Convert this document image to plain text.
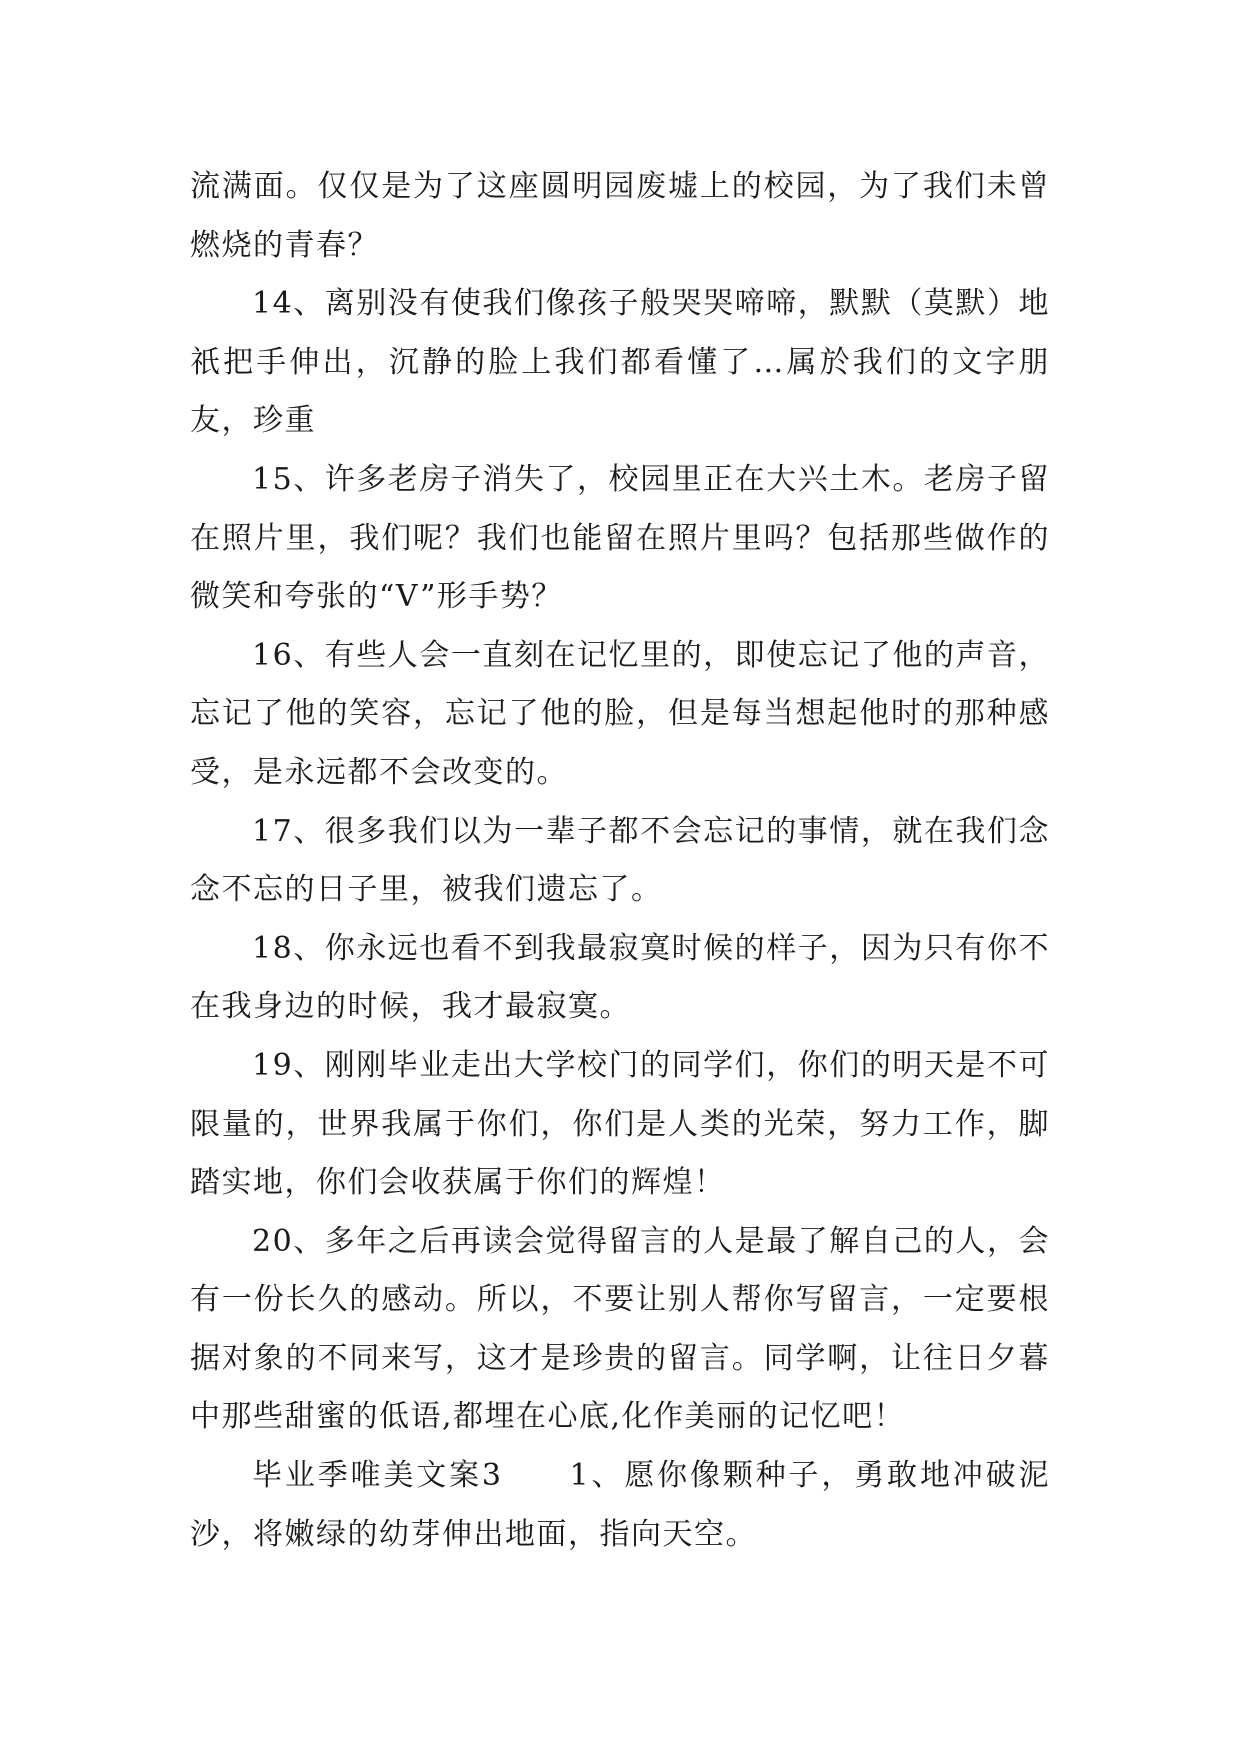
流满面。仅仅是为了这座圆明园废墟上的校园，为了我们未曾燃烧的青春？

14、离别没有使我们像孩子般哭哭啼啼，默默（莫默）地祇把手伸出，沉静的脸上我们都看懂了…属於我们的文字朋友，珍重

15、许多老房子消失了，校园里正在大兴土木。老房子留在照片里，我们呢？我们也能留在照片里吗？包括那些做作的微笑和夸张的“V”形手势？

16、有些人会一直刻在记忆里的，即使忘记了他的声音，忘记了他的笑容，忘记了他的脸，但是每当想起他时的那种感受，是永远都不会改变的。

17、很多我们以为一辈子都不会忘记的事情，就在我们念念不忘的日子里，被我们遗忘了。

18、你永远也看不到我最寂寞时候的样子，因为只有你不在我身边的时候，我才最寂寞。

19、刚刚毕业走出大学校门的同学们，你们的明天是不可限量的，世界我属于你们，你们是人类的光荣，努力工作，脚踏实地，你们会收获属于你们的辉煌！

20、多年之后再读会觉得留言的人是最了解自己的人，会有一份长久的感动。所以，不要让别人帮你写留言，一定要根据对象的不同来写，这才是珍贵的留言。同学啊，让往日夕暮中那些甜蜜的低语,都埋在心底,化作美丽的记忆吧！

毕业季唯美文案3　　1、愿你像颗种子，勇敢地冲破泥沙，将嫩绿的幼芽伸出地面，指向天空。
